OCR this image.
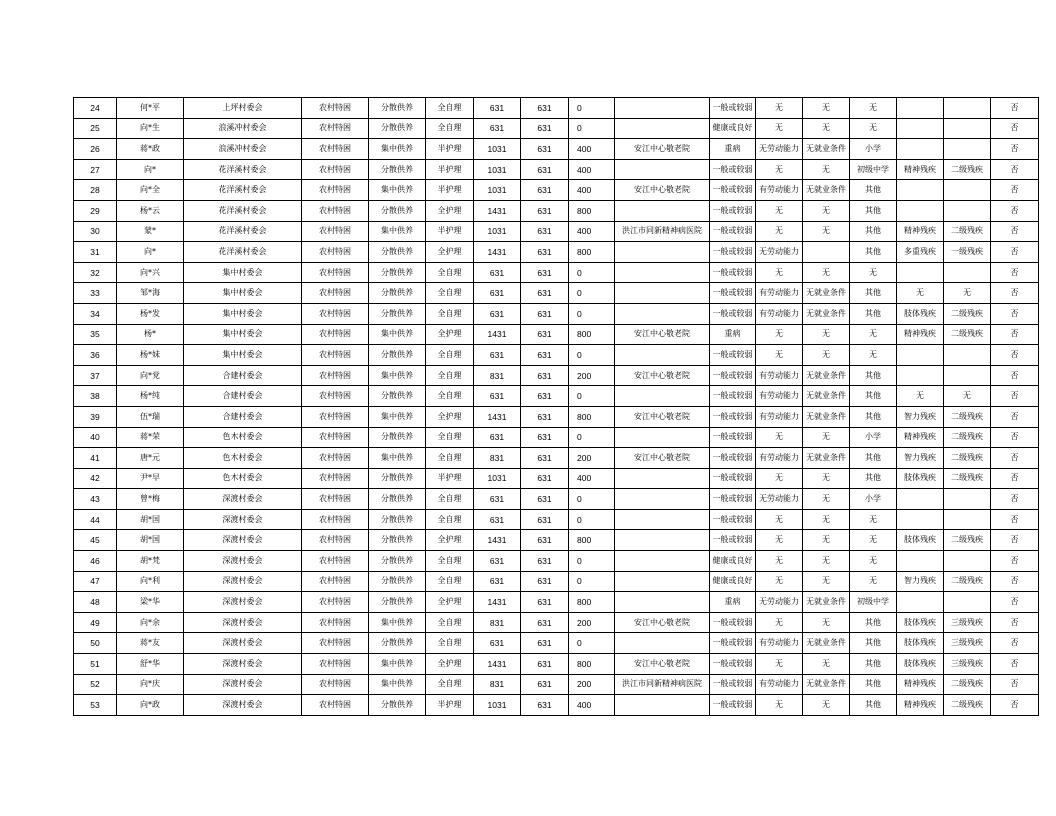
24	何*平	上坪村委会	农村特困	分散供养	全自理	631	631	0		一般或较弱	无	无	无			否
25	向*生	浪溪冲村委会	农村特困	分散供养	全自理	631	631	0		健康或良好	无	无	无			否
26	蒋*政	浪溪冲村委会	农村特困	集中供养	半护理	1031	631	400	安江中心敬老院	重病	无劳动能力	无就业条件	小学			否
27	向*	花洋溪村委会	农村特困	分散供养	半护理	1031	631	400		一般或较弱	无	无	初级中学	精神残疾	二级残疾	否
28	向*全	花洋溪村委会	农村特困	集中供养	半护理	1031	631	400	安江中心敬老院	一般或较弱	有劳动能力	无就业条件	其他			否
29	杨*云	花洋溪村委会	农村特困	分散供养	全护理	1431	631	800		一般或较弱	无	无	其他			否
30	蒙*	花洋溪村委会	农村特困	集中供养	半护理	1031	631	400	洪江市同新精神病医院	一般或较弱	无	无	其他	精神残疾	二级残疾	否
31	向*	花洋溪村委会	农村特困	分散供养	全护理	1431	631	800		一般或较弱	无劳动能力		其他	多重残疾	一级残疾	否
32	向*兴	集中村委会	农村特困	分散供养	全自理	631	631	0		一般或较弱	无	无	无			否
33	邹*海	集中村委会	农村特困	分散供养	全自理	631	631	0		一般或较弱	有劳动能力	无就业条件	其他	无	无	否
34	杨*发	集中村委会	农村特困	分散供养	全自理	631	631	0		一般或较弱	有劳动能力	无就业条件	其他	肢体残疾	二级残疾	否
35	杨*	集中村委会	农村特困	集中供养	全护理	1431	631	800	安江中心敬老院	重病	无	无	无	精神残疾	二级残疾	否
36	杨*妹	集中村委会	农村特困	分散供养	全自理	631	631	0		一般或较弱	无	无	无			否
37	向*党	合建村委会	农村特困	集中供养	全自理	831	631	200	安江中心敬老院	一般或较弱	有劳动能力	无就业条件	其他			否
38	杨*纯	合建村委会	农村特困	分散供养	全自理	631	631	0		一般或较弱	有劳动能力	无就业条件	其他	无	无	否
39	伍*瑞	合建村委会	农村特困	集中供养	全护理	1431	631	800	安江中心敬老院	一般或较弱	有劳动能力	无就业条件	其他	智力残疾	二级残疾	否
40	蒋*荣	色木村委会	农村特困	分散供养	全自理	631	631	0		一般或较弱	无	无	小学	精神残疾	二级残疾	否
41	唐*元	色木村委会	农村特困	集中供养	全自理	831	631	200	安江中心敬老院	一般或较弱	有劳动能力	无就业条件	其他	智力残疾	二级残疾	否
42	尹*早	色木村委会	农村特困	分散供养	半护理	1031	631	400		一般或较弱	无	无	其他	肢体残疾	二级残疾	否
43	曾*梅	深渡村委会	农村特困	分散供养	全自理	631	631	0		一般或较弱	无劳动能力	无	小学			否
44	胡*国	深渡村委会	农村特困	分散供养	全自理	631	631	0		一般或较弱	无	无	无			否
45	胡*国	深渡村委会	农村特困	分散供养	全护理	1431	631	800		一般或较弱	无	无	无	肢体残疾	二级残疾	否
46	胡*梵	深渡村委会	农村特困	分散供养	全自理	631	631	0		健康或良好	无	无	无			否
47	向*利	深渡村委会	农村特困	分散供养	全自理	631	631	0		健康或良好	无	无	无	智力残疾	二级残疾	否
48	梁*华	深渡村委会	农村特困	分散供养	全护理	1431	631	800		重病	无劳动能力	无就业条件	初级中学			否
49	向*余	深渡村委会	农村特困	集中供养	全自理	831	631	200	安江中心敬老院	一般或较弱	无	无	其他	肢体残疾	三级残疾	否
50	蒋*友	深渡村委会	农村特困	分散供养	全自理	631	631	0		一般或较弱	有劳动能力	无就业条件	其他	肢体残疾	三级残疾	否
51	舒*华	深渡村委会	农村特困	集中供养	全护理	1431	631	800	安江中心敬老院	一般或较弱	无	无	其他	肢体残疾	三级残疾	否
52	向*庆	深渡村委会	农村特困	集中供养	全自理	831	631	200	洪江市同新精神病医院	一般或较弱	有劳动能力	无就业条件	其他	精神残疾	二级残疾	否
53	向*政	深渡村委会	农村特困	分散供养	半护理	1031	631	400		一般或较弱	无	无	其他	精神残疾	二级残疾	否
